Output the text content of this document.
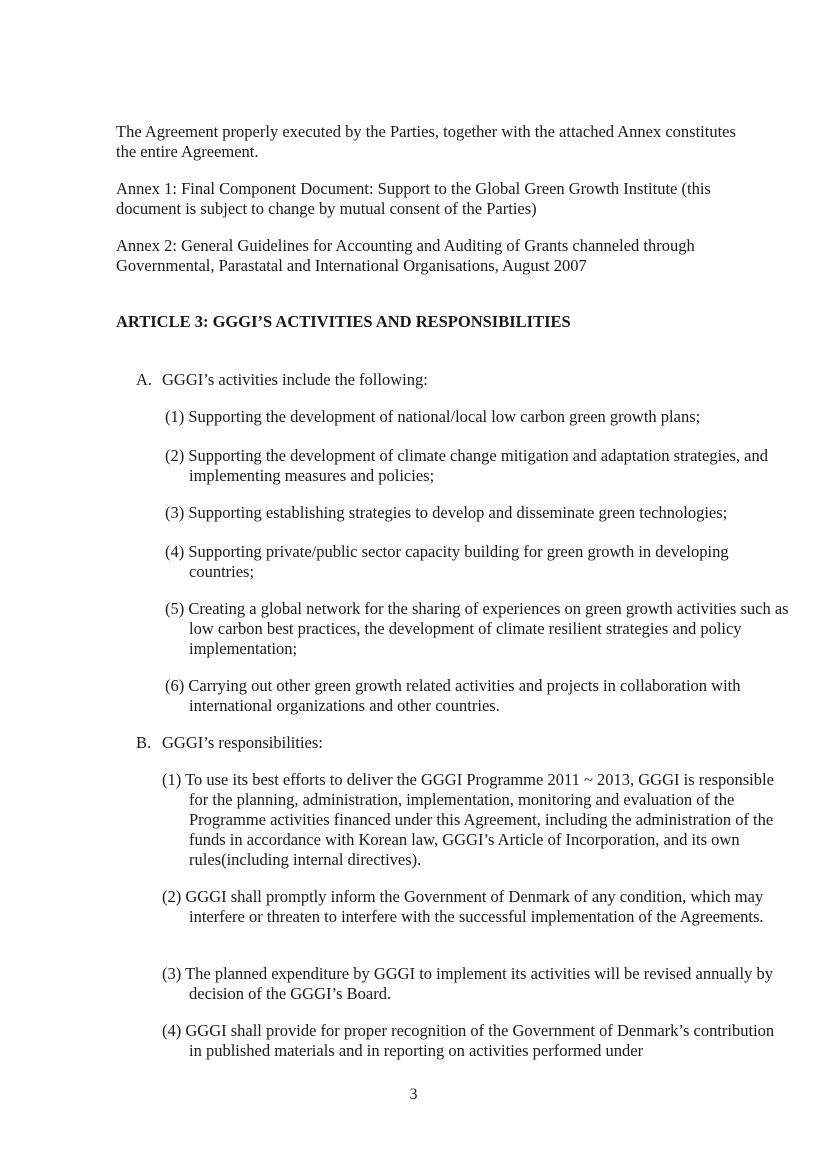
The Agreement properly executed by the Parties, together with the attached Annex constitutes the entire Agreement.

Annex 1: Final Component Document: Support to the Global Green Growth Institute (this document is subject to change by mutual consent of the Parties)

Annex 2: General Guidelines for Accounting and Auditing of Grants channeled through Governmental, Parastatal and International Organisations, August 2007

ARTICLE 3: GGGI’S ACTIVITIES AND RESPONSIBILITIES

A. GGGI’s activities include the following:

(1) Supporting the development of national/local low carbon green growth plans;

(2) Supporting the development of climate change mitigation and adaptation strategies, and implementing measures and policies;

(3) Supporting establishing strategies to develop and disseminate green technologies;

(4) Supporting private/public sector capacity building for green growth in developing countries;

(5) Creating a global network for the sharing of experiences on green growth activities such as low carbon best practices, the development of climate resilient strategies and policy implementation;

(6) Carrying out other green growth related activities and projects in collaboration with international organizations and other countries.

B. GGGI’s responsibilities:

(1) To use its best efforts to deliver the GGGI Programme 2011 ~ 2013, GGGI is responsible for the planning, administration, implementation, monitoring and evaluation of the Programme activities financed under this Agreement, including the administration of the funds in accordance with Korean law, GGGI’s Article of Incorporation, and its own rules(including internal directives).

(2) GGGI shall promptly inform the Government of Denmark of any condition, which may interfere or threaten to interfere with the successful implementation of the Agreements.

(3) The planned expenditure by GGGI to implement its activities will be revised annually by decision of the GGGI’s Board.

(4) GGGI shall provide for proper recognition of the Government of Denmark’s contribution in published materials and in reporting on activities performed under

3
